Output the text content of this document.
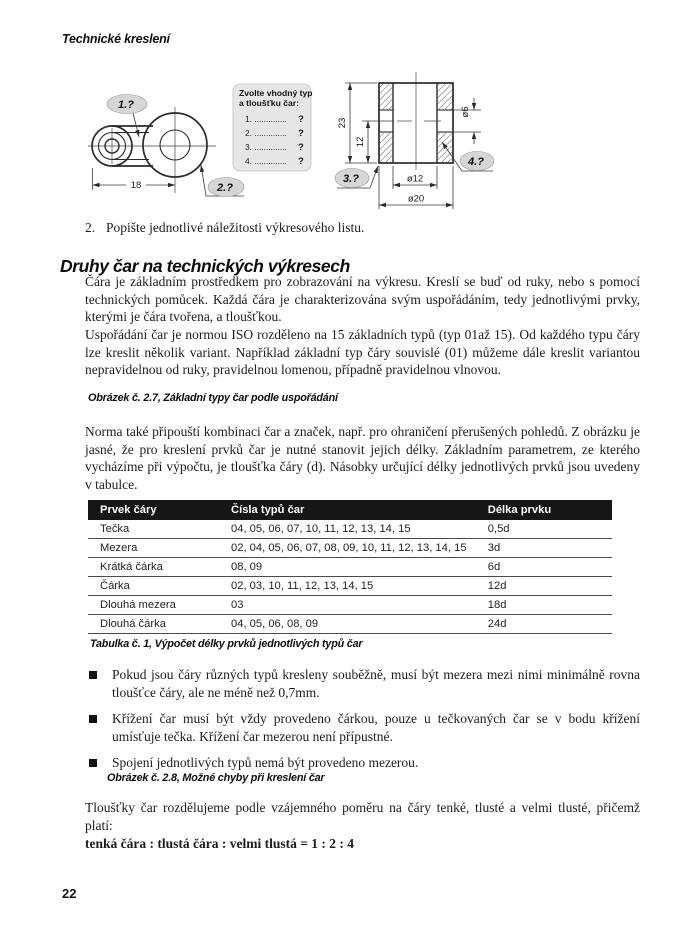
Technické kreslení
18
1.?
2.?
Zvolte vhodný typ
a tloušťku čar:
1. .............. ?
2. .............. ?
3. .............. ?
4. .............. ?
23
12
ø6
ø12
ø20
3.?
4.?
2. Popište jednotlivé náležitosti výkresového listu.
Druhy čar na technických výkresech

Čára je základním prostředkem pro zobrazování na výkresu. Kreslí se buď od ruky, nebo s pomocí technických pomůcek. Každá čára je charakterizována svým uspořádáním, tedy jednotlivými prvky, kterými je čára tvořena, a tloušťkou.

Uspořádání čar je normou ISO rozděleno na 15 základních typů (typ 01až 15). Od každého typu čáry lze kreslit několik variant. Například základní typ čáry souvislé (01) můžeme dále kreslit variantou nepravidelnou od ruky, pravidelnou lomenou, případně pravidelnou vlnovou.

Obrázek č. 2.7, Základní typy čar podle uspořádání

Norma také připouští kombinaci čar a značek, např. pro ohraničení přerušených pohledů. Z obrázku je jasné, že pro kreslení prvků čar je nutné stanovit jejich délky. Základním parametrem, ze kterého vycházíme při výpočtu, je tloušťka čáry (d). Násobky určující délky jednotlivých prvků jsou uvedeny v tabulce.

Prvek čáry	Čísla typů čar	Délka prvku
Tečka	04, 05, 06, 07, 10, 11, 12, 13, 14, 15	0,5d
Mezera	02, 04, 05, 06, 07, 08, 09, 10, 11, 12, 13, 14, 15	3d
Krátká čárka	08, 09	6d
Čárka	02, 03, 10, 11, 12, 13, 14, 15	12d
Dlouhá mezera	03	18d
Dlouhá čárka	04, 05, 06, 08, 09	24d
Tabulka č. 1, Výpočet délky prvků jednotlivých typů čar
Pokud jsou čáry různých typů kresleny souběžně, musí být mezera mezi nimi minimálně rovna tloušťce čáry, ale ne méně než 0,7mm.
Křížení čar musí být vždy provedeno čárkou, pouze u tečkovaných čar se v bodu křížení umísťuje tečka. Křížení čar mezerou není přípustné.
Spojení jednotlivých typů nemá být provedeno mezerou.
Obrázek č. 2.8, Možné chyby při kreslení čar

Tloušťky čar rozdělujeme podle vzájemného poměru na čáry tenké, tlusté a velmi tlusté, přičemž platí:

tenká čára : tlustá čára : velmi tlustá = 1 : 2 : 4

22
